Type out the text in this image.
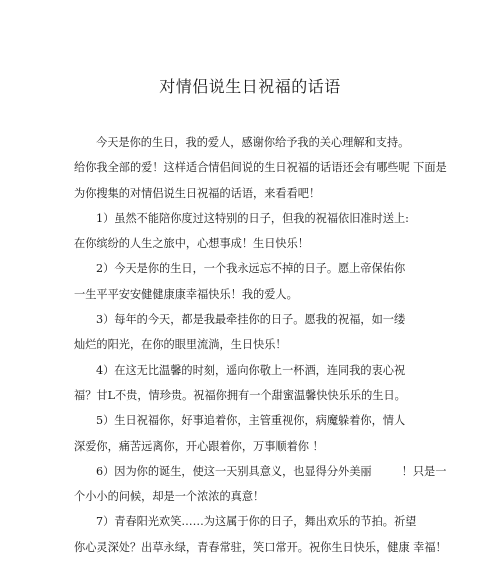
对情侣说生日祝福的话语

今天是你的生日，我的爱人，感谢你给予我的关心理解和支持。

给你我全部的爱！这样适合情侣间说的生日祝福的话语还会有哪些呢 下面是

为你搜集的对情侣说生日祝福的话语，来看看吧！

1）虽然不能陪你度过这特别的日子，但我的祝福依旧准时送上:

在你缤纷的人生之旅中，心想事成！生日快乐！

2）今天是你的生日，一个我永远忘不掉的日子。愿上帝保佑你

一生平平安安健健康康幸福快乐！我的爱人。

3）每年的今天，都是我最牵挂你的日子。愿我的祝福，如一缕

灿烂的阳光，在你的眼里流淌，生日快乐！

4）在这无比温馨的时刻，遥向你敬上一杯酒，连同我的衷心祝

福？甘L不贵，情珍贵。祝福你拥有一个甜蜜温馨快快乐乐的生日。

5）生日祝福你，好事追着你，主管重视你，病魔躲着你，情人

深爱你，痛苦远离你，开心跟着你，万事顺着你 ！

6）因为你的诞生，使这一天别具意义，也显得分外美丽	！只是一

个小小的问候，却是一个浓浓的真意！

7）青春阳光欢笑……为这属于你的日子，舞出欢乐的节拍。祈望

你心灵深处？出草永绿，青春常驻，笑口常开。祝你生日快乐，健康 幸福！
